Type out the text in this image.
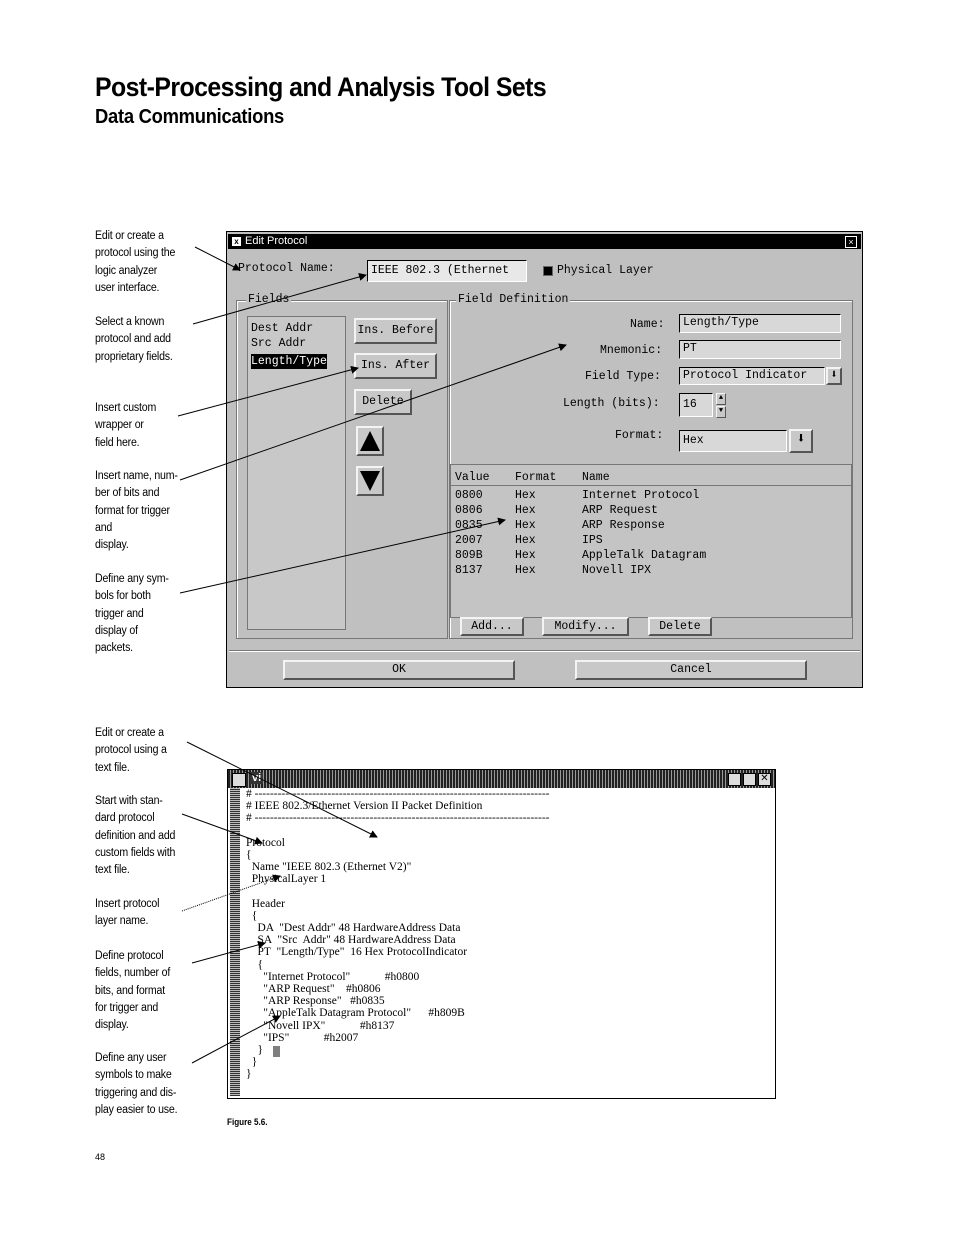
Post-Processing and Analysis Tool Sets
Data Communications
Edit or create a
protocol using the
logic analyzer
user interface.
Select a known
protocol and add
proprietary fields.
Insert custom
wrapper or
field here.
Insert name, num-
ber of bits and
format for trigger
and
display.
Define any sym-
bols for both
trigger and
display of
packets.
x Edit Protocol	×
Protocol Name:	IEEE 802.3 (Ethernet	Physical Layer
Fields
Dest Addr
Src Addr
Length/Type
Ins. Before
Ins. After
Delete
Field Definition
Name:	Length/Type
Mnemonic:	PT
Field Type:	Protocol Indicator	⬇
Length (bits):	16	▲
▼
Format:	Hex	⬇
Value Format Name
0800	Hex	Internet Protocol
0806	Hex	ARP Request
0835	Hex	ARP Response
2007	Hex	IPS
809B	Hex	AppleTalk Datagram
8137	Hex	Novell IPX
Add...	Modify...	Delete
OK	Cancel
Edit or create a
protocol using a
text file.
Start with stan-
dard protocol
definition and add
custom fields with
text file.
Insert protocol
layer name.
Define protocol
fields, number of
bits, and format
for trigger and
display.
Define any user
symbols to make
triggering and dis-
play easier to use.
vi	✕
# -----------------------------------------------------------------------------
# IEEE 802.3/Ethernet Version II Packet Definition
# -----------------------------------------------------------------------------
Protocol
{
Name "IEEE 802.3 (Ethernet V2)"
PhysicalLayer 1
Header
{
DA  "Dest Addr" 48 HardwareAddress Data
SA  "Src  Addr" 48 HardwareAddress Data
PT  "Length/Type"  16 Hex ProtocolIndicator
{
"Internet Protocol"            #h0800
"ARP Request"    #h0806
"ARP Response"   #h0835
"AppleTalk Datagram Protocol"      #h809B
"Novell IPX"            #h8137
"IPS"            #h2007
}
}
}
Figure 5.6.
48
